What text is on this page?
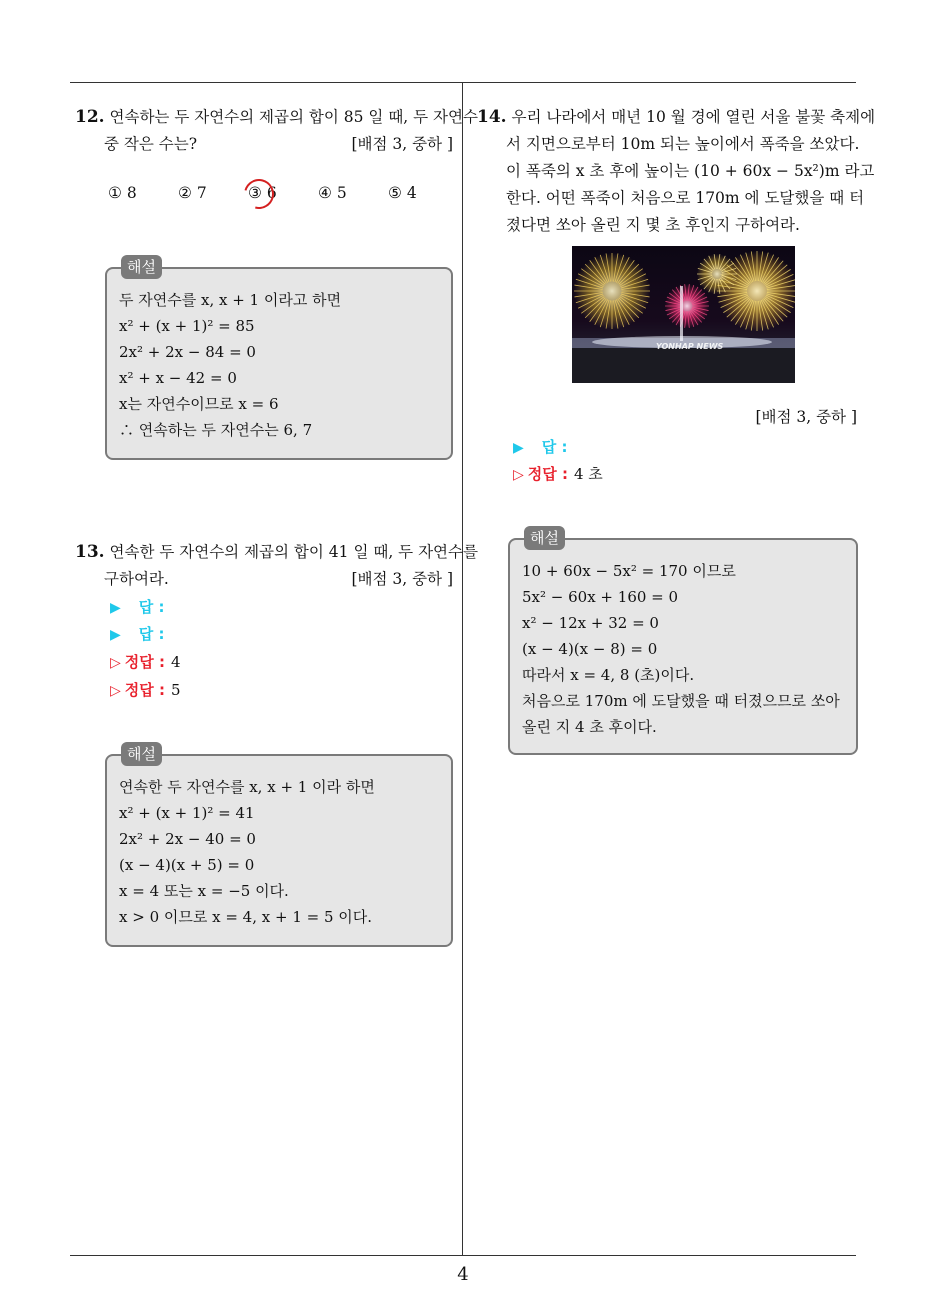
12. 연속하는 두 자연수의 제곱의 합이 85 일 때, 두 자연수
중 작은 수는?	[배점 3, 중하 ]
① 8	② 7	③ 6	④ 5	⑤ 4
해설
두 자연수를 x, x + 1 이라고 하면
x² + (x + 1)² = 85
2x² + 2x − 84 = 0
x² + x − 42 = 0
x는 자연수이므로 x = 6
∴ 연속하는 두 자연수는 6, 7
13. 연속한 두 자연수의 제곱의 합이 41 일 때, 두 자연수를
구하여라.	[배점 3, 중하 ]
▶ 답 :
▶ 답 :
▷ 정답 : 4
▷ 정답 : 5
해설
연속한 두 자연수를 x, x + 1 이라 하면
x² + (x + 1)² = 41
2x² + 2x − 40 = 0
(x − 4)(x + 5) = 0
x = 4 또는 x = −5 이다.
x > 0 이므로 x = 4, x + 1 = 5 이다.
14. 우리 나라에서 매년 10 월 경에 열린 서울 불꽃 축제에
서 지면으로부터 10m 되는 높이에서 폭죽을 쏘았다.
이 폭죽의 x 초 후에 높이는 (10 + 60x − 5x²)m 라고
한다. 어떤 폭죽이 처음으로 170m 에 도달했을 때 터
졌다면 쏘아 올린 지 몇 초 후인지 구하여라.
YONHAP NEWS
[배점 3, 중하 ]
▶ 답 :
▷ 정답 : 4 초
해설
10 + 60x − 5x² = 170 이므로
5x² − 60x + 160 = 0
x² − 12x + 32 = 0
(x − 4)(x − 8) = 0
따라서 x = 4, 8 (초)이다.
처음으로 170m 에 도달했을 때 터졌으므로 쏘아
올린 지 4 초 후이다.
4
